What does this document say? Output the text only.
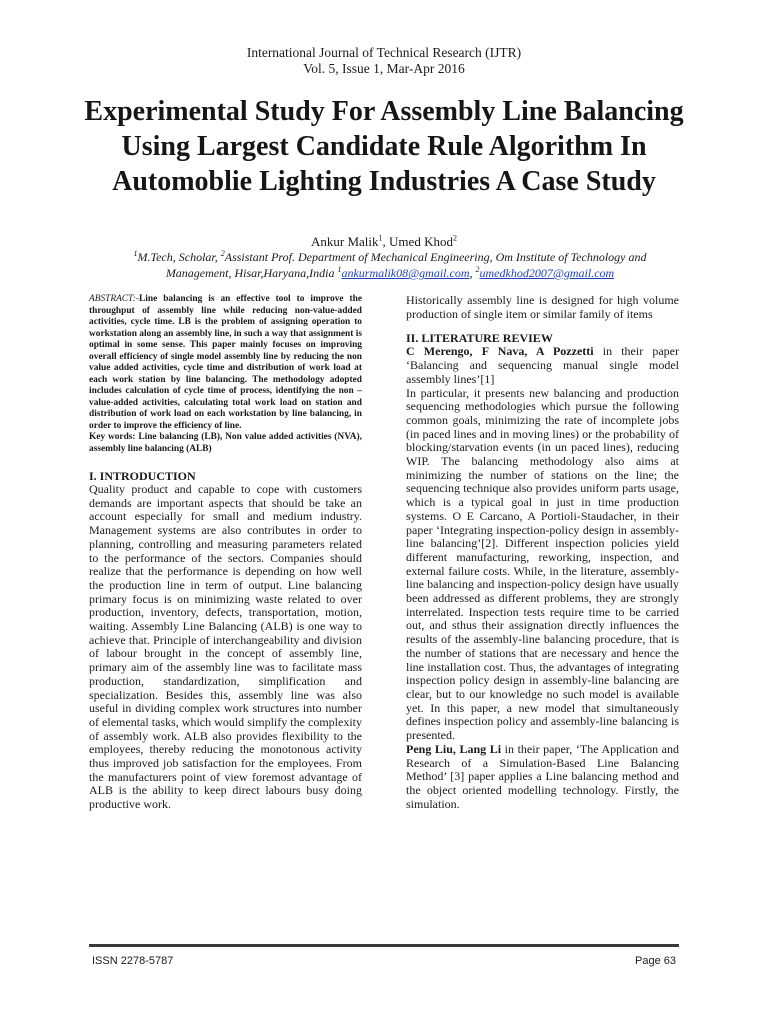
International Journal of Technical Research (IJTR)
Vol. 5, Issue 1, Mar-Apr 2016
Experimental Study For Assembly Line Balancing Using Largest Candidate Rule Algorithm In Automoblie Lighting Industries A Case Study
Ankur Malik$^1$, Umed Khod$^2$
$^1$M.Tech, Scholar, $^2$Assistant Prof. Department of Mechanical Engineering, Om Institute of Technology and Management, Hisar,Haryana,India $^1$ankurmalik08@gmail.com, $^2$umedkhod2007@gmail.com

ABSTRACT:-Line balancing is an effective tool to improve the throughput of assembly line while reducing non-value-added activities, cycle time. LB is the problem of assigning operation to workstation along an assembly line, in such a way that assignment is optimal in some sense. This paper mainly focuses on improving overall efficiency of single model assembly line by reducing the non value added activities, cycle time and distribution of work load at each work station by line balancing. The methodology adopted includes calculation of cycle time of process, identifying the non –value-added activities, calculating total work load on station and distribution of work load on each workstation by line balancing, in order to improve the efficiency of line.

Key words: Line balancing (LB), Non value added activities (NVA), assembly line balancing (ALB)

I. INTRODUCTION

Quality product and capable to cope with customers demands are important aspects that should be take an account especially for small and medium industry. Management systems are also contributes in order to planning, controlling and measuring parameters related to the performance of the sectors. Companies should realize that the performance is depending on how well the production line in term of output. Line balancing primary focus is on minimizing waste related to over production, inventory, defects, transportation, motion, waiting. Assembly Line Balancing (ALB) is one way to achieve that. Principle of interchangeability and division of labour brought in the concept of assembly line, primary aim of the assembly line was to facilitate mass production, standardization, simplification and specialization. Besides this, assembly line was also useful in dividing complex work structures into number of elemental tasks, which would simplify the complexity of assembly work. ALB also provides flexibility to the employees, thereby reducing the monotonous activity thus improved job satisfaction for the employees. From the manufacturers point of view foremost advantage of ALB is the ability to keep direct labours busy doing productive work.

Historically assembly line is designed for high volume production of single item or similar family of items

II. LITERATURE REVIEW

C Merengo, F Nava, A Pozzetti in their paper ‘Balancing and sequencing manual single model assembly lines’[1]

In particular, it presents new balancing and production sequencing methodologies which pursue the following common goals, minimizing the rate of incomplete jobs (in paced lines and in moving lines) or the probability of blocking/starvation events (in un paced lines), reducing WIP. The balancing methodology also aims at minimizing the number of stations on the line; the sequencing technique also provides uniform parts usage, which is a typical goal in just in time production systems. O E Carcano, A Portioli-Staudacher, in their paper ‘Integrating inspection-policy design in assembly-line balancing’[2]. Different inspection policies yield different manufacturing, reworking, inspection, and external failure costs. While, in the literature, assembly-line balancing and inspection-policy design have usually been addressed as different problems, they are strongly interrelated. Inspection tests require time to be carried out, and sthus their assignation directly influences the results of the assembly-line balancing procedure, that is the number of stations that are necessary and hence the line installation cost. Thus, the advantages of integrating inspection policy design in assembly-line balancing are clear, but to our knowledge no such model is available yet. In this paper, a new model that simultaneously defines inspection policy and assembly-line balancing is presented.

Peng Liu, Lang Li in their paper, ‘The Application and Research of a Simulation-Based Line Balancing Method’ [3] paper applies a Line balancing method and the object oriented modelling technology. Firstly, the simulation.

ISSN 2278-5787	Page 63
